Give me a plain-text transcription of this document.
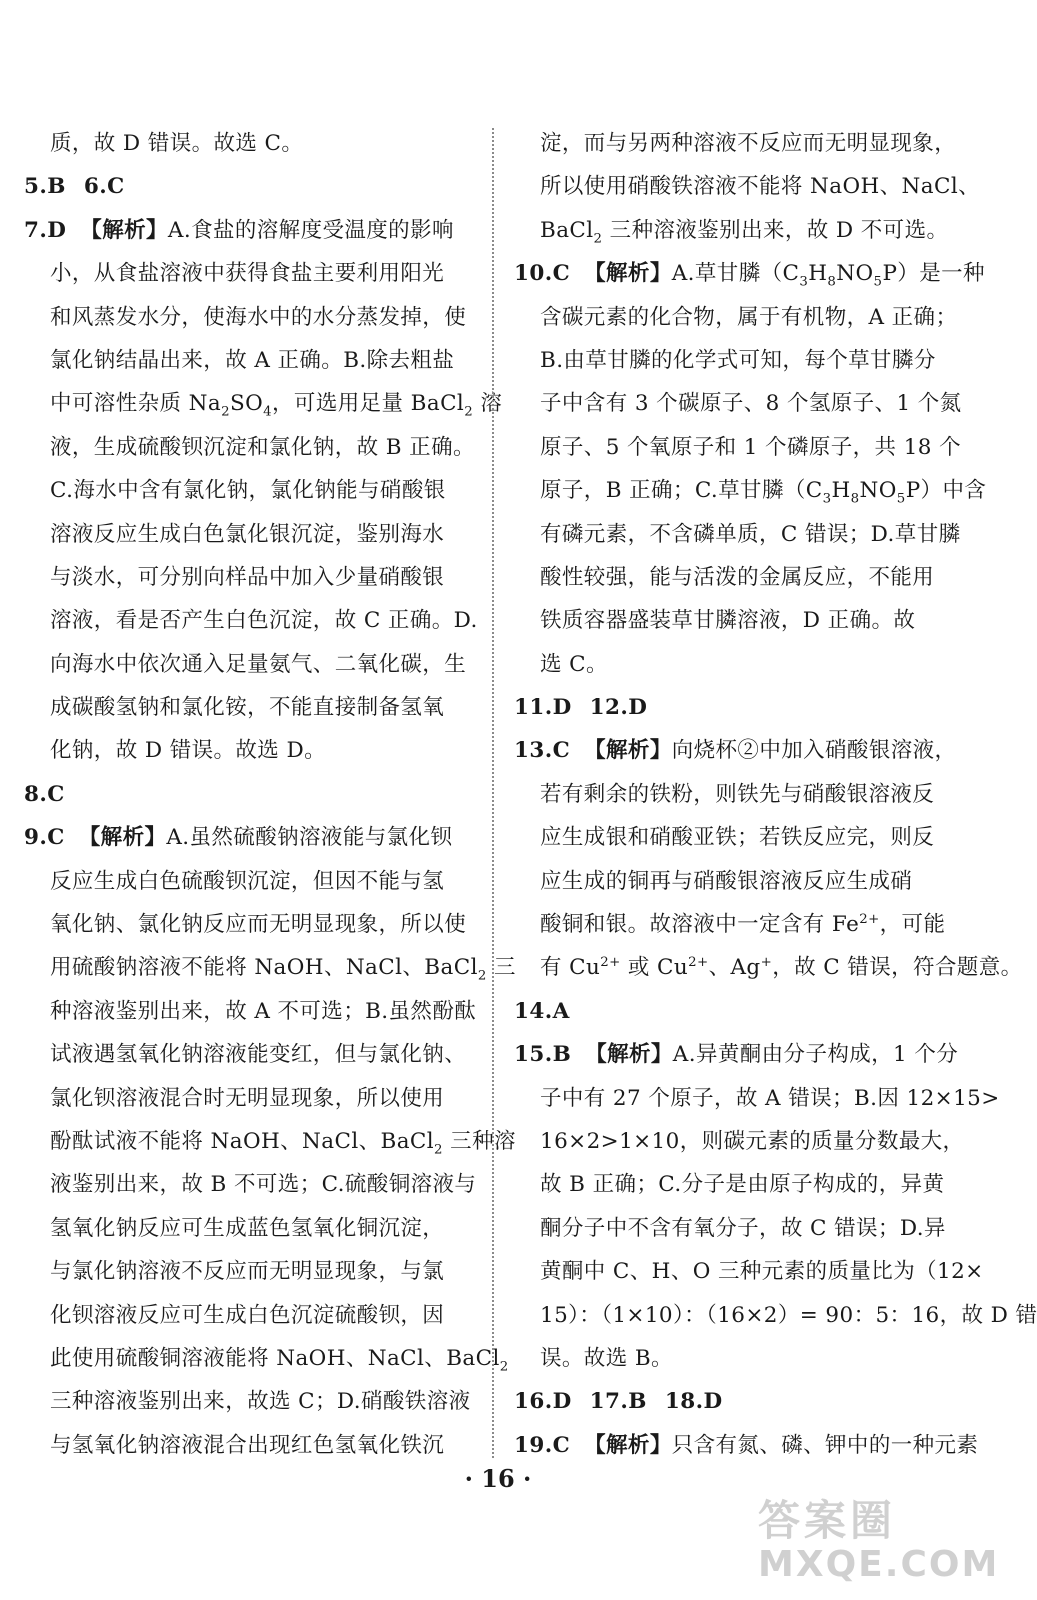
质，故 D 错误。故选 C。
5.B 6.C
7.D 【解析】A.食盐的溶解度受温度的影响
小，从食盐溶液中获得食盐主要利用阳光
和风蒸发水分，使海水中的水分蒸发掉，使
氯化钠结晶出来，故 A 正确。B.除去粗盐
中可溶性杂质 $Na_2SO_4$，可选用足量 BaCl$_2$ 溶
液，生成硫酸钡沉淀和氯化钠，故 B 正确。
C.海水中含有氯化钠，氯化钠能与硝酸银
溶液反应生成白色氯化银沉淀，鉴别海水
与淡水，可分别向样品中加入少量硝酸银
溶液，看是否产生白色沉淀，故 C 正确。D.
向海水中依次通入足量氨气、二氧化碳，生
成碳酸氢钠和氯化铵，不能直接制备氢氧
化钠，故 D 错误。故选 D。
8.C
9.C 【解析】A.虽然硫酸钠溶液能与氯化钡
反应生成白色硫酸钡沉淀，但因不能与氢
氧化钠、氯化钠反应而无明显现象，所以使
用硫酸钠溶液不能将 NaOH、NaCl、BaCl$_2$ 三
种溶液鉴别出来，故 A 不可选；B.虽然酚酞
试液遇氢氧化钠溶液能变红，但与氯化钠、
氯化钡溶液混合时无明显现象，所以使用
酚酞试液不能将 NaOH、NaCl、BaCl$_2$ 三种溶
液鉴别出来，故 B 不可选；C.硫酸铜溶液与
氢氧化钠反应可生成蓝色氢氧化铜沉淀，
与氯化钠溶液不反应而无明显现象，与氯
化钡溶液反应可生成白色沉淀硫酸钡，因
此使用硫酸铜溶液能将 NaOH、NaCl、BaCl$_2$
三种溶液鉴别出来，故选 C；D.硝酸铁溶液
与氢氧化钠溶液混合出现红色氢氧化铁沉
淀，而与另两种溶液不反应而无明显现象，
所以使用硝酸铁溶液不能将 NaOH、NaCl、
BaCl$_2$ 三种溶液鉴别出来，故 D 不可选。
10.C 【解析】A.草甘膦$(C_3H_8NO_5P)$是一种
含碳元素的化合物，属于有机物，A 正确；
B.由草甘膦的化学式可知，每个草甘膦分
子中含有 3 个碳原子、8 个氢原子、1 个氮
原子、5 个氧原子和 1 个磷原子，共 18 个
原子，B 正确；C.草甘膦$(C_3H_8NO_5P)$中含
有磷元素，不含磷单质，C 错误；D.草甘膦
酸性较强，能与活泼的金属反应，不能用
铁质容器盛装草甘膦溶液，D 正确。故
选 C。
11.D 12.D
13.C 【解析】向烧杯②中加入硝酸银溶液，
若有剩余的铁粉，则铁先与硝酸银溶液反
应生成银和硝酸亚铁；若铁反应完，则反
应生成的铜再与硝酸银溶液反应生成硝
酸铜和银。故溶液中一定含有 $Fe^{2+}$，可能
有 $Cu^{2+}$ 或 $Cu^{2+}$、Ag+，故 C 错误，符合题意。
14.A
15.B 【解析】A.异黄酮由分子构成，1 个分
子中有 27 个原子，故 A 错误；B.因 12×15>
16×2>1×10，则碳元素的质量分数最大，
故 B 正确；C.分子是由原子构成的，异黄
酮分子中不含有氧分子，故 C 错误；D.异
黄酮中 C、H、O 三种元素的质量比为（12×
15）：（1×10）：（16×2）= 90：5：16，故 D 错
误。故选 B。
16.D 17.B 18.D
19.C 【解析】只含有氮、磷、钾中的一种元素
· 16 ·
答案圈
MXQE.COM
